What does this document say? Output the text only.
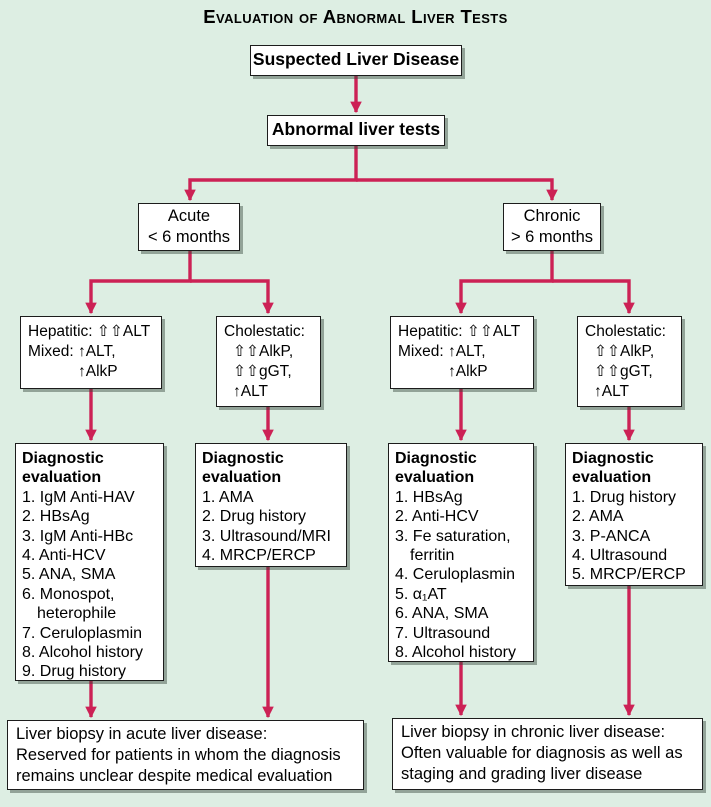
Evaluation of Abnormal Liver Tests
Suspected Liver Disease
Abnormal liver tests
Acute
< 6 months
Chronic
> 6 months
Hepatitic: ⇧⇧ALT
Mixed: ↑ALT,
↑AlkP
Cholestatic:
⇧⇧AlkP,
⇧⇧gGT,
↑ALT
Hepatitic: ⇧⇧ALT
Mixed: ↑ALT,
↑AlkP
Cholestatic:
⇧⇧AlkP,
⇧⇧gGT,
↑ALT
Diagnostic evaluation
1. IgM Anti-HAV
2. HBsAg
3. IgM Anti-HBc
4. Anti-HCV
5. ANA, SMA
6. Monospot,
heterophile
7. Ceruloplasmin
8. Alcohol history
9. Drug history
Diagnostic evaluation
1. AMA
2. Drug history
3. Ultrasound/MRI
4. MRCP/ERCP
Diagnostic evaluation
1. HBsAg
2. Anti-HCV
3. Fe saturation,
ferritin
4. Ceruloplasmin
5. α₁AT
6. ANA, SMA
7. Ultrasound
8. Alcohol history
Diagnostic evaluation
1. Drug history
2. AMA
3. P-ANCA
4. Ultrasound
5. MRCP/ERCP
Liver biopsy in acute liver disease:
Reserved for patients in whom the diagnosis
remains unclear despite medical evaluation
Liver biopsy in chronic liver disease:
Often valuable for diagnosis as well as
staging and grading liver disease
